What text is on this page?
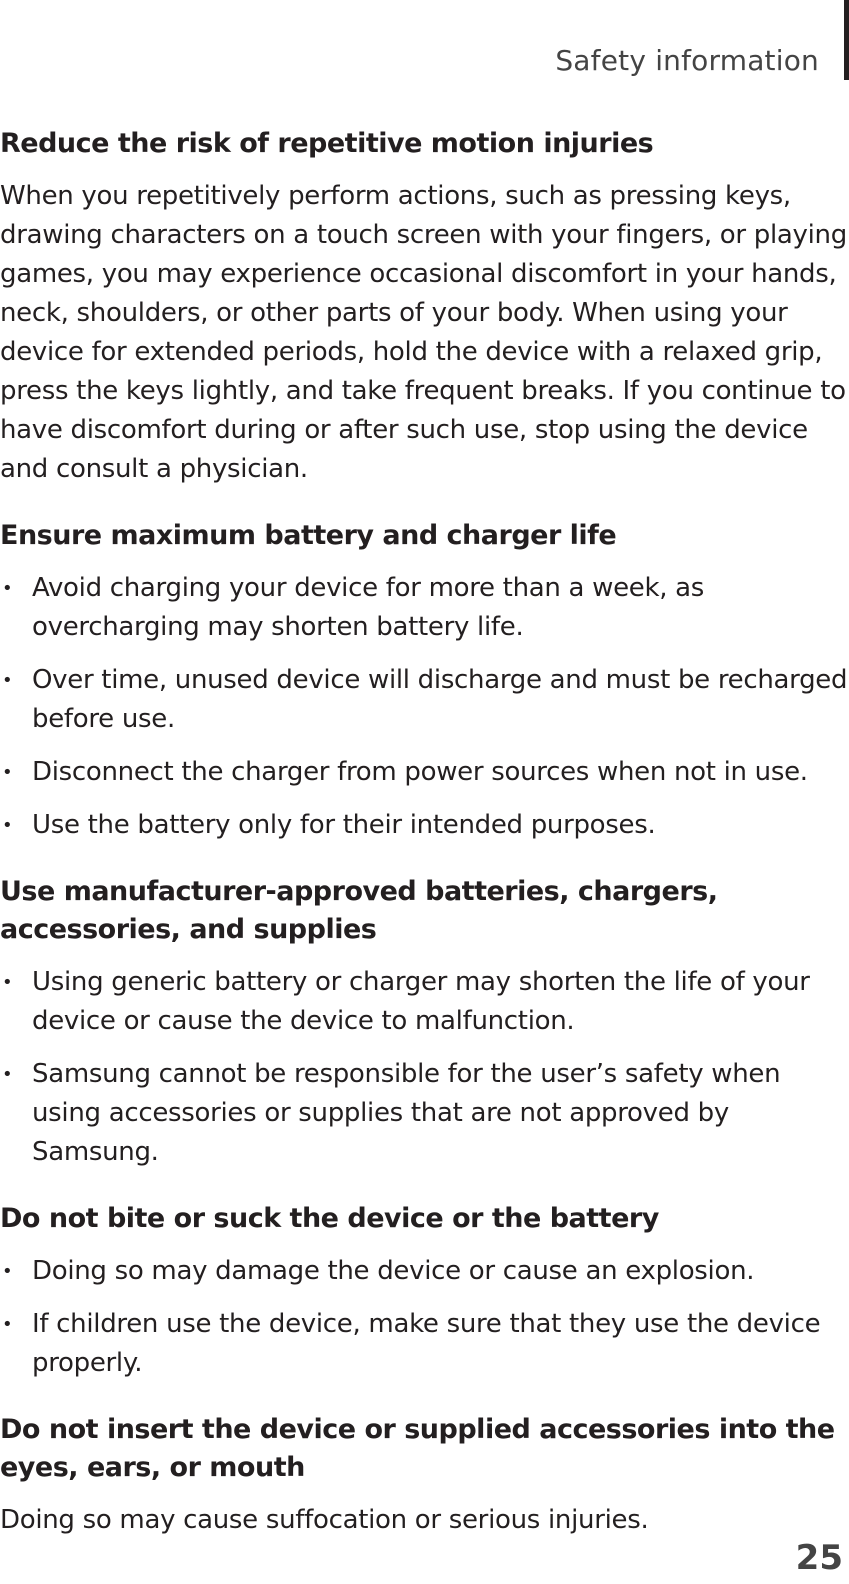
Safety information
Reduce the risk of repetitive motion injuries

When you repetitively perform actions, such as pressing keys, drawing characters on a touch screen with your fingers, or playing games, you may experience occasional discomfort in your hands, neck, shoulders, or other parts of your body. When using your device for extended periods, hold the device with a relaxed grip, press the keys lightly, and take frequent breaks. If you continue to have discomfort during or after such use, stop using the device and consult a physician.

Ensure maximum battery and charger life
• Avoid charging your device for more than a week, as overcharging may shorten battery life.
• Over time, unused device will discharge and must be recharged before use.
• Disconnect the charger from power sources when not in use.
• Use the battery only for their intended purposes.
Use manufacturer-approved batteries, chargers, accessories, and supplies
• Using generic battery or charger may shorten the life of your device or cause the device to malfunction.
• Samsung cannot be responsible for the user’s safety when using accessories or supplies that are not approved by Samsung.
Do not bite or suck the device or the battery
• Doing so may damage the device or cause an explosion.
• If children use the device, make sure that they use the device properly.
Do not insert the device or supplied accessories into the eyes, ears, or mouth

Doing so may cause suffocation or serious injuries.

25
